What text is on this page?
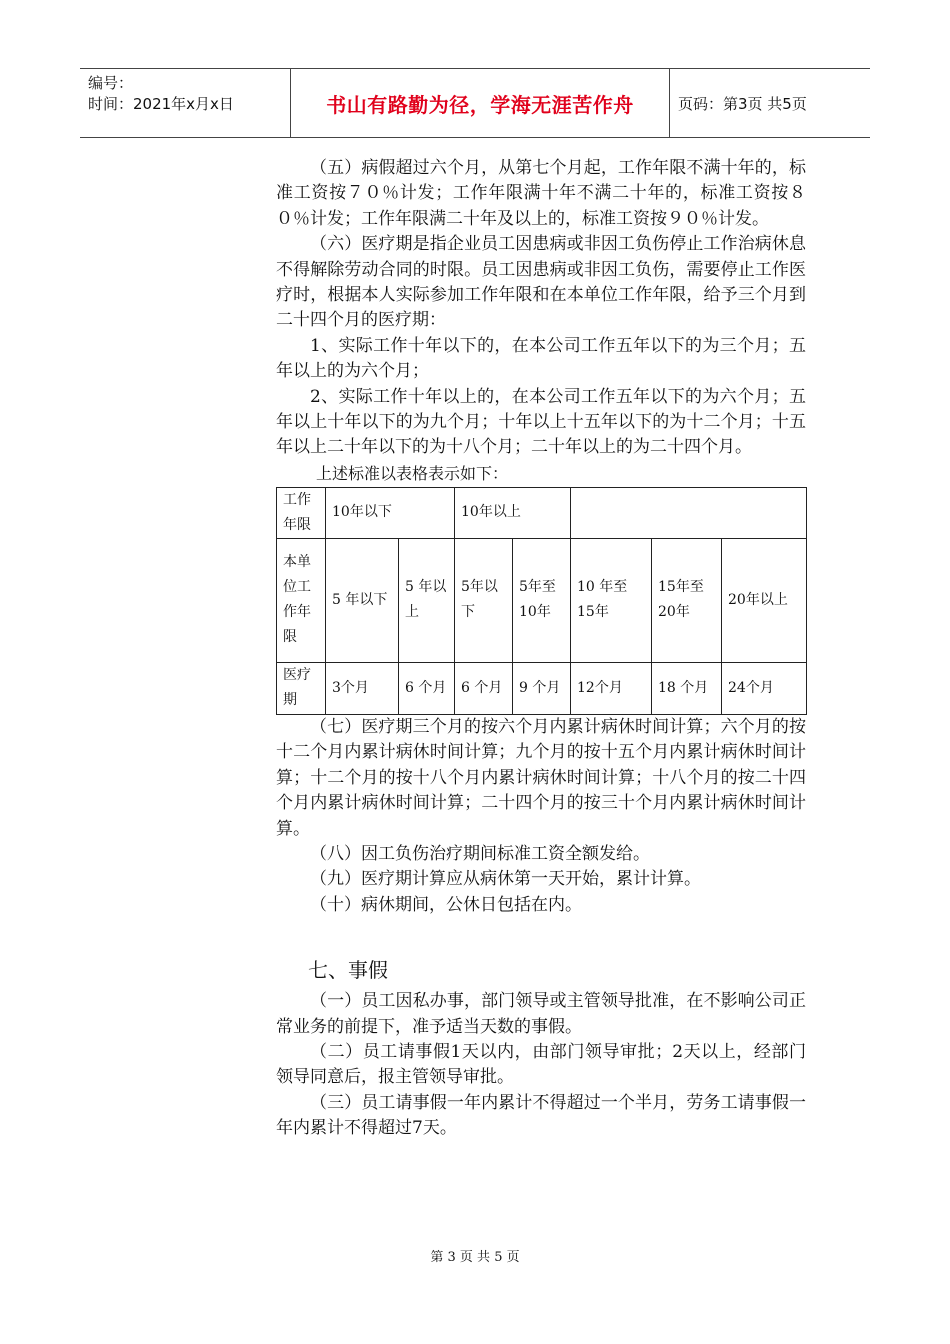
编号：
时间：2021年x月x日	书山有路勤为径，学海无涯苦作舟	页码：第3页 共5页

（五）病假超过六个月，从第七个月起，工作年限不满十年的，标准工资按７０％计发；工作年限满十年不满二十年的，标准工资按８０％计发；工作年限满二十年及以上的，标准工资按９０％计发。

（六）医疗期是指企业员工因患病或非因工负伤停止工作治病休息不得解除劳动合同的时限。员工因患病或非因工负伤，需要停止工作医疗时，根据本人实际参加工作年限和在本单位工作年限，给予三个月到二十四个月的医疗期：

1、实际工作十年以下的，在本公司工作五年以下的为三个月；五年以上的为六个月；

2、实际工作十年以上的，在本公司工作五年以下的为六个月；五年以上十年以下的为九个月；十年以上十五年以下的为十二个月；十五年以上二十年以下的为十八个月；二十年以上的为二十四个月。

上述标准以表格表示如下：
工作年限	10年以下		10年以上				
本单位工作年限	5 年以下	5 年以上	5年以下	5年至10年	10 年至15年	15年至 20年	20年以上
医疗期	3个月	6 个月	6 个月	9 个月	12个月	18 个月	24个月

（七）医疗期三个月的按六个月内累计病休时间计算；六个月的按十二个月内累计病休时间计算；九个月的按十五个月内累计病休时间计算；十二个月的按十八个月内累计病休时间计算；十八个月的按二十四个月内累计病休时间计算；二十四个月的按三十个月内累计病休时间计算。

（八）因工负伤治疗期间标准工资全额发给。

（九）医疗期计算应从病休第一天开始，累计计算。

（十）病休期间，公休日包括在内。

七、事假

（一）员工因私办事，部门领导或主管领导批准，在不影响公司正常业务的前提下，准予适当天数的事假。

（二）员工请事假1天以内，由部门领导审批；2天以上，经部门领导同意后，报主管领导审批。

（三）员工请事假一年内累计不得超过一个半月，劳务工请事假一年内累计不得超过7天。

第 3 页 共 5 页
